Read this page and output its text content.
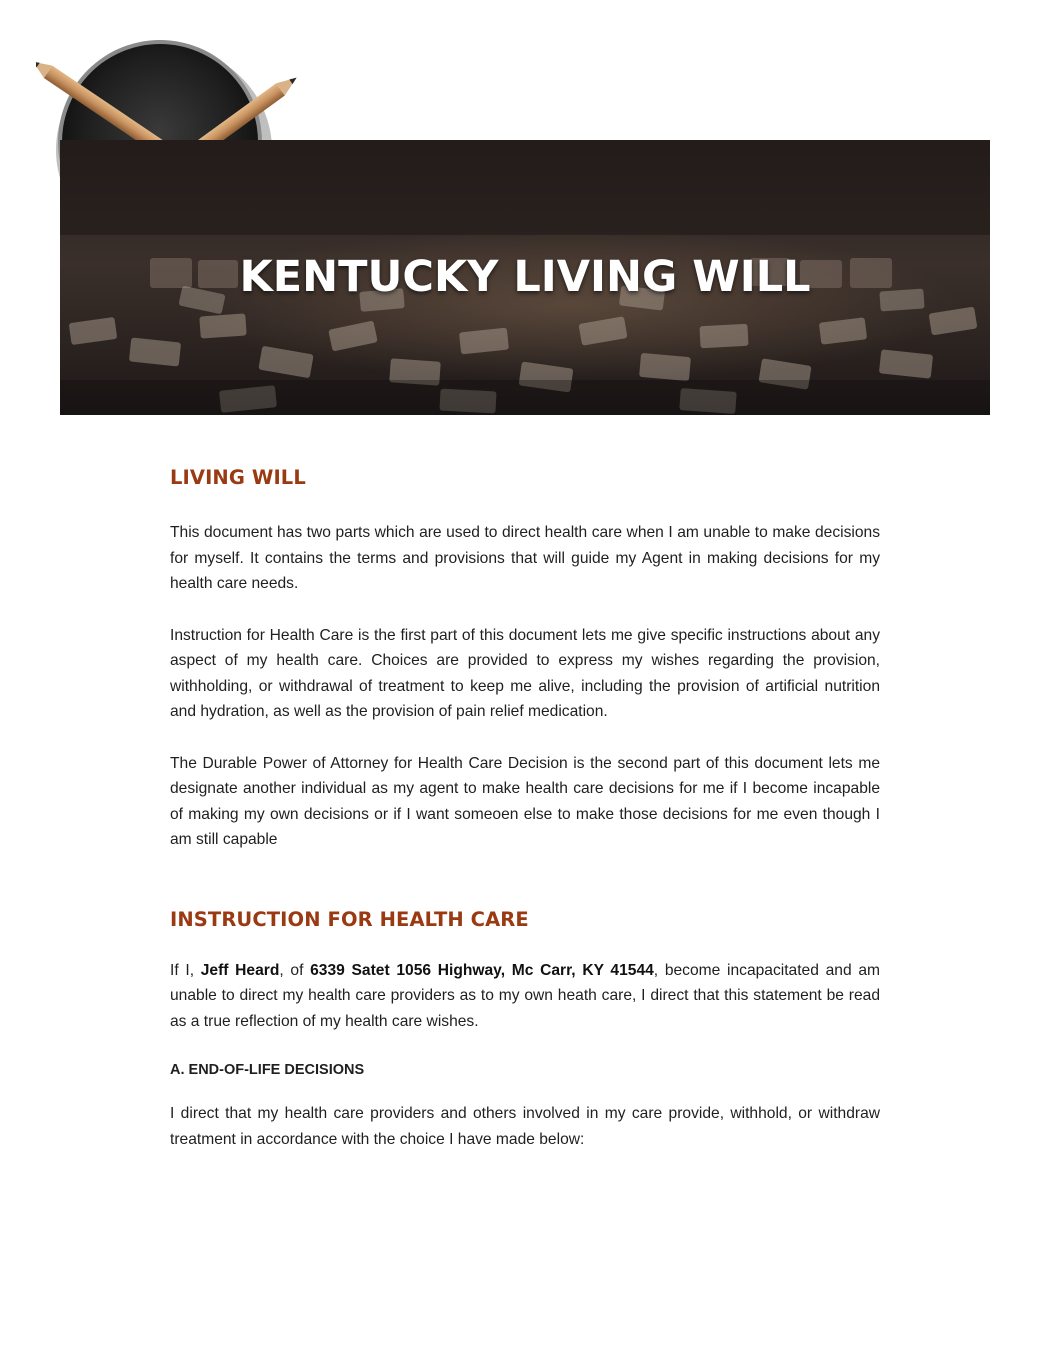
KENTUCKY LIVING WILL
LIVING WILL

This document has two parts which are used to direct health care when I am unable to make decisions for myself. It contains the terms and provisions that will guide my Agent in making decisions for my health care needs.

Instruction for Health Care is the first part of this document lets me give specific instructions about any aspect of my health care. Choices are provided to express my wishes regarding the provision, withholding, or withdrawal of treatment to keep me alive, including the provision of artificial nutrition and hydration, as well as the provision of pain relief medication.

The Durable Power of Attorney for Health Care Decision is the second part of this document lets me designate another individual as my agent to make health care decisions for me if I become incapable of making my own decisions or if I want someoen else to make those decisions for me even though I am still capable

INSTRUCTION FOR HEALTH CARE

If I, Jeff Heard, of 6339 Satet 1056 Highway, Mc Carr, KY 41544, become incapacitated and am unable to direct my health care providers as to my own heath care, I direct that this statement be read as a true reflection of my health care wishes.

A. END-OF-LIFE DECISIONS

I direct that my health care providers and others involved in my care provide, withhold, or withdraw treatment in accordance with the choice I have made below:
